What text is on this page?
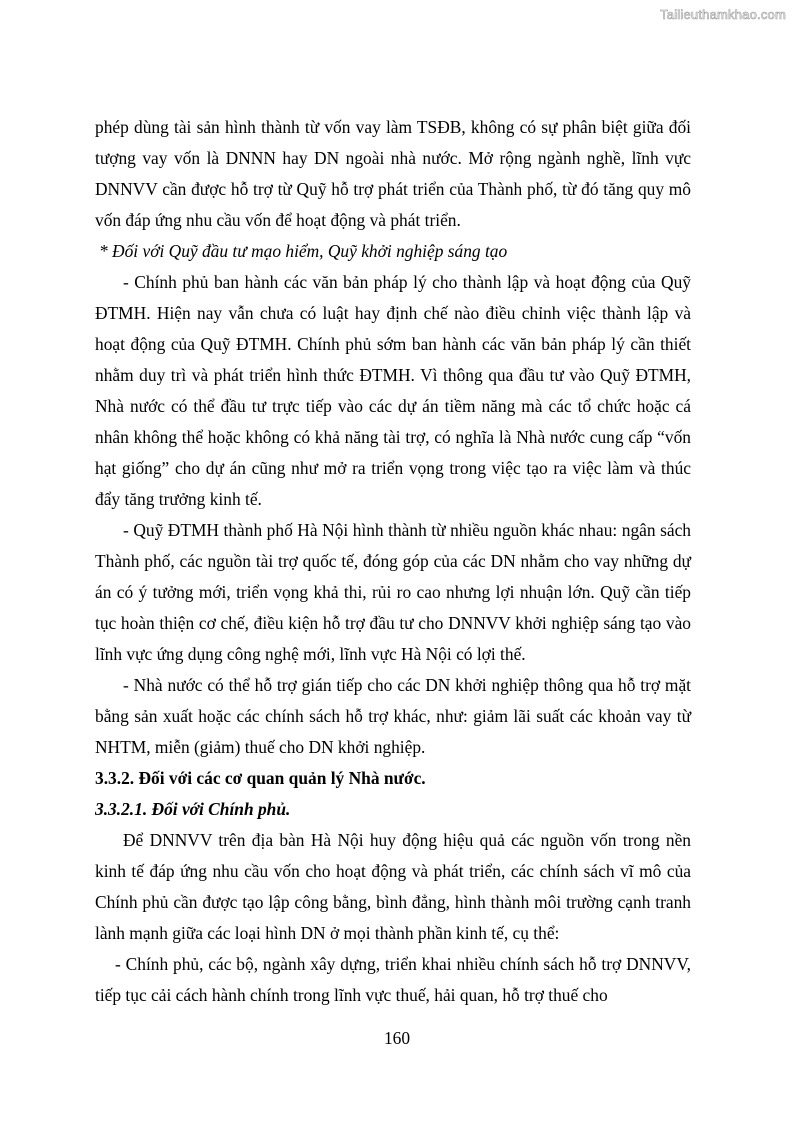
Tailieuthamkhao.com

phép dùng tài sản hình thành từ vốn vay làm TSĐB, không có sự phân biệt giữa đối tượng vay vốn là DNNN hay DN ngoài nhà nước. Mở rộng ngành nghề, lĩnh vực DNNVV cần được hỗ trợ từ Quỹ hỗ trợ phát triển của Thành phố, từ đó tăng quy mô vốn đáp ứng nhu cầu vốn để hoạt động và phát triển.

* Đối với Quỹ đầu tư mạo hiểm, Quỹ khởi nghiệp sáng tạo

- Chính phủ ban hành các văn bản pháp lý cho thành lập và hoạt động của Quỹ ĐTMH. Hiện nay vẫn chưa có luật hay định chế nào điều chỉnh việc thành lập và hoạt động của Quỹ ĐTMH. Chính phủ sớm ban hành các văn bản pháp lý cần thiết nhằm duy trì và phát triển hình thức ĐTMH. Vì thông qua đầu tư vào Quỹ ĐTMH, Nhà nước có thể đầu tư trực tiếp vào các dự án tiềm năng mà các tổ chức hoặc cá nhân không thể hoặc không có khả năng tài trợ, có nghĩa là Nhà nước cung cấp “vốn hạt giống” cho dự án cũng như mở ra triển vọng trong việc tạo ra việc làm và thúc đẩy tăng trưởng kinh tế.

- Quỹ ĐTMH thành phố Hà Nội hình thành từ nhiều nguồn khác nhau: ngân sách Thành phố, các nguồn tài trợ quốc tế, đóng góp của các DN nhằm cho vay những dự án có ý tưởng mới, triển vọng khả thi, rủi ro cao nhưng lợi nhuận lớn. Quỹ cần tiếp tục hoàn thiện cơ chế, điều kiện hỗ trợ đầu tư cho DNNVV khởi nghiệp sáng tạo vào lĩnh vực ứng dụng công nghệ mới, lĩnh vực Hà Nội có lợi thế.

- Nhà nước có thể hỗ trợ gián tiếp cho các DN khởi nghiệp thông qua hỗ trợ mặt bằng sản xuất hoặc các chính sách hỗ trợ khác, như: giảm lãi suất các khoản vay từ NHTM, miễn (giảm) thuế cho DN khởi nghiệp.

3.3.2. Đối với các cơ quan quản lý Nhà nước.

3.3.2.1. Đối với Chính phủ.

Để DNNVV trên địa bàn Hà Nội huy động hiệu quả các nguồn vốn trong nền kinh tế đáp ứng nhu cầu vốn cho hoạt động và phát triển, các chính sách vĩ mô của Chính phủ cần được tạo lập công bằng, bình đẳng, hình thành môi trường cạnh tranh lành mạnh giữa các loại hình DN ở mọi thành phần kinh tế, cụ thể:

- Chính phủ, các bộ, ngành xây dựng, triển khai nhiều chính sách hỗ trợ DNNVV, tiếp tục cải cách hành chính trong lĩnh vực thuế, hải quan, hỗ trợ thuế cho

160
